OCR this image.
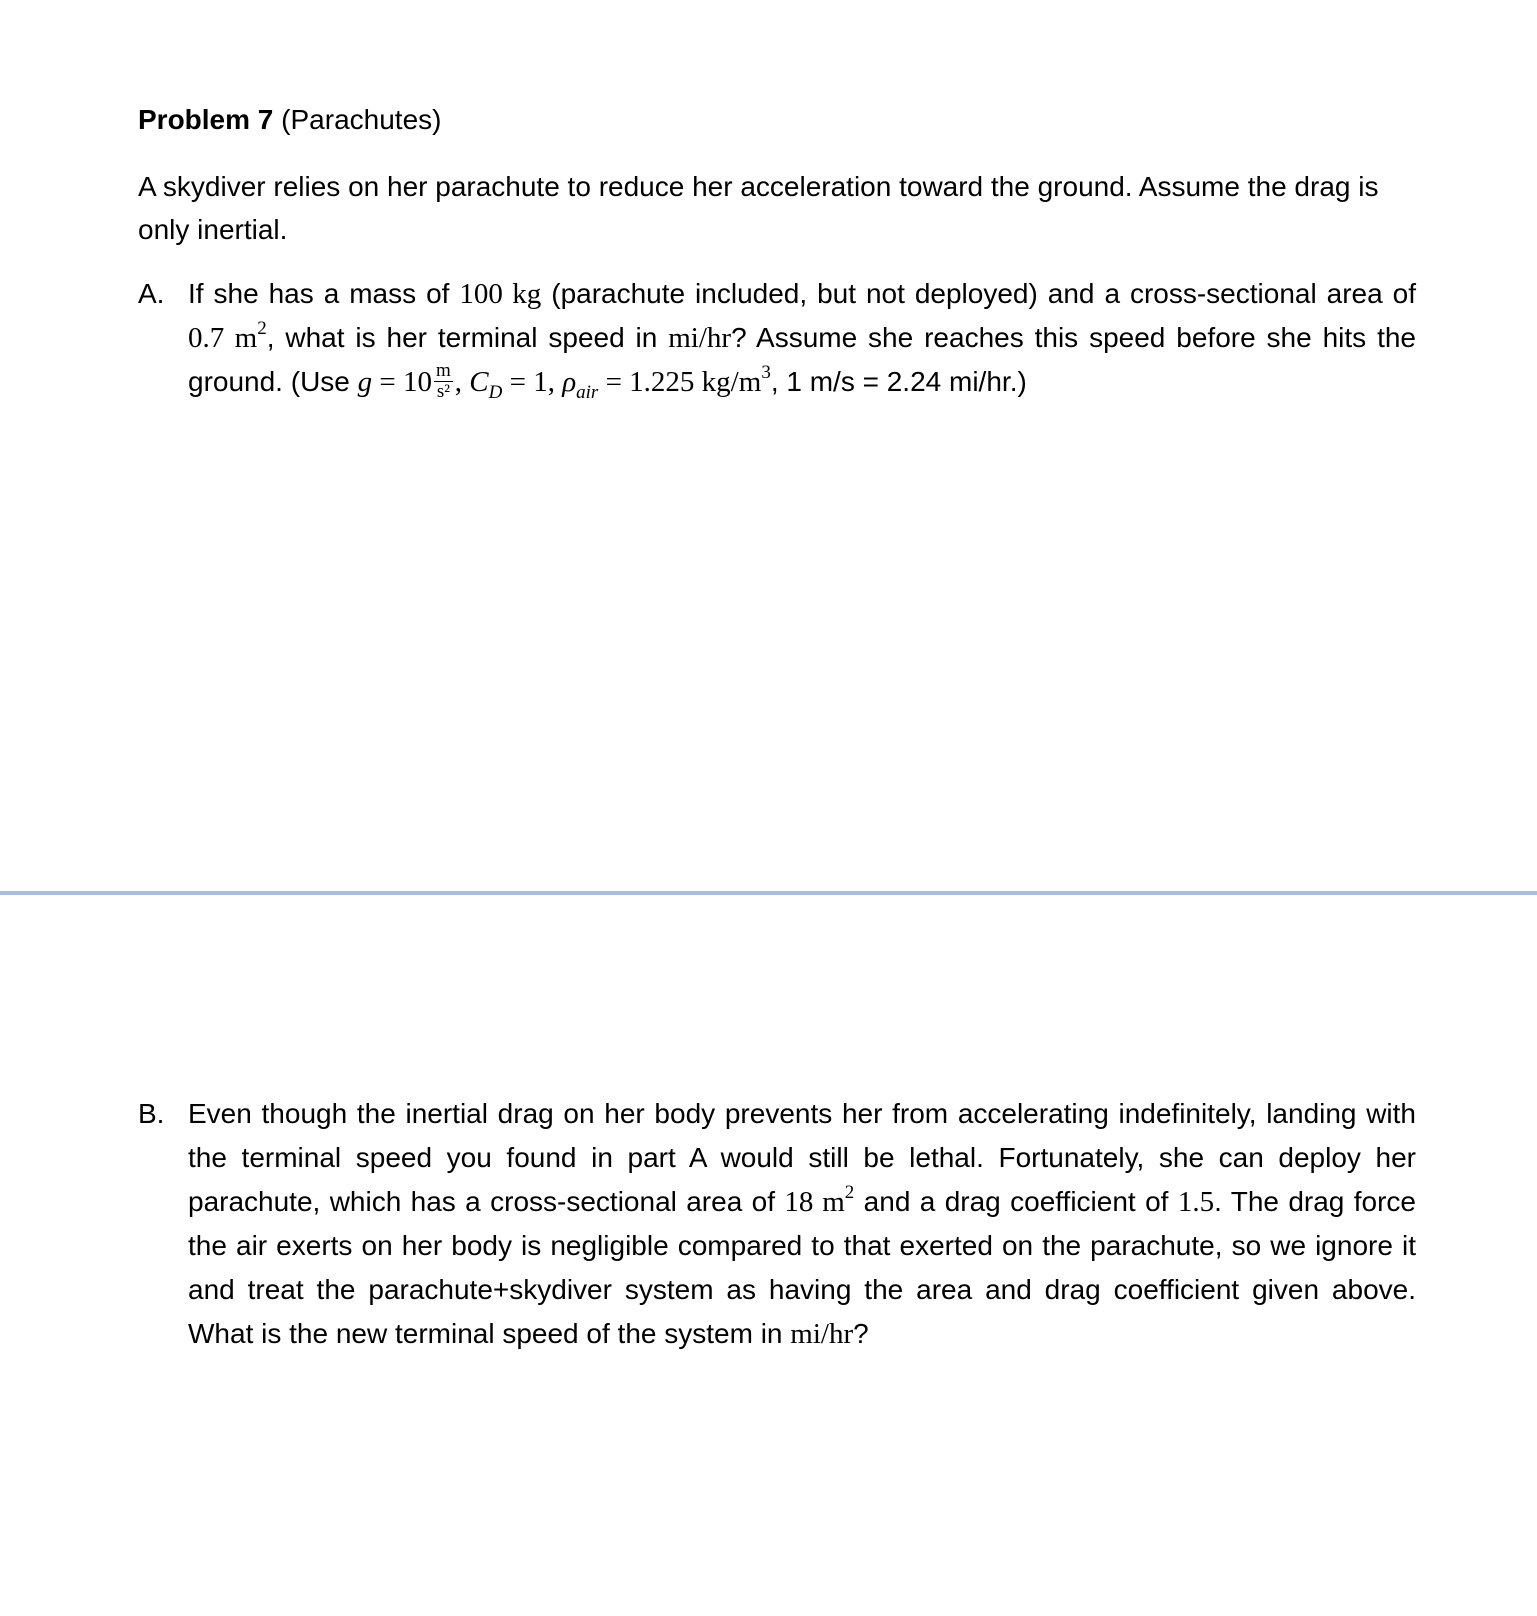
Problem 7 (Parachutes)
A skydiver relies on her parachute to reduce her acceleration toward the ground. Assume the drag is only inertial.
A. If she has a mass of 100 kg (parachute included, but not deployed) and a cross-sectional area of 0.7 $m^2$, what is her terminal speed in mi/hr? Assume she reaches this speed before she hits the ground. (Use $g = 10 \frac{m}{\text{s²}}$ , $C_D = 1$, $\rho_{air} = 1.225$ $kg/m^3$, 1 m/s = 2.24 mi/hr.)
B. Even though the inertial drag on her body prevents her from accelerating indefinitely, landing with the terminal speed you found in part A would still be lethal. Fortunately, she can deploy her parachute, which has a cross-sectional area of 18 $m^2$ and a drag coefficient of 1.5. The drag force the air exerts on her body is negligible compared to that exerted on the parachute, so we ignore it and treat the parachute+skydiver system as having the area and drag coefficient given above. What is the new terminal speed of the system in mi/hr?
